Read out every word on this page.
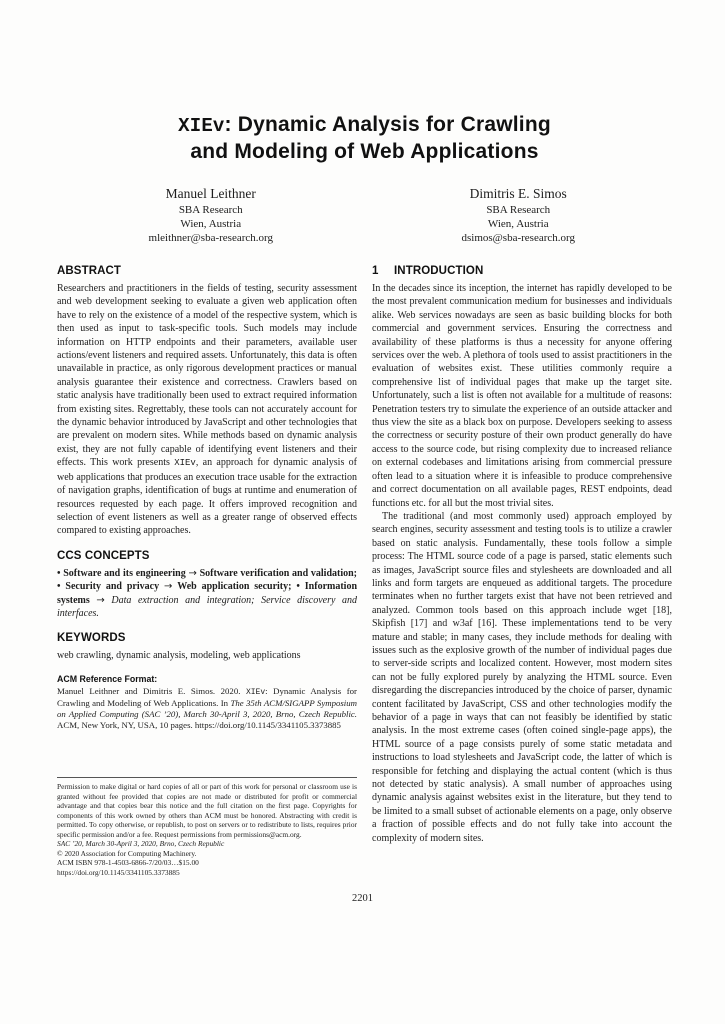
XIEv: Dynamic Analysis for Crawling
and Modeling of Web Applications
Manuel Leithner
SBA Research
Wien, Austria
mleithner@sba-research.org
Dimitris E. Simos
SBA Research
Wien, Austria
dsimos@sba-research.org
ABSTRACT

Researchers and practitioners in the fields of testing, security assessment and web development seeking to evaluate a given web application often have to rely on the existence of a model of the respective system, which is then used as input to task-specific tools. Such models may include information on HTTP endpoints and their parameters, available user actions/event listeners and required assets. Unfortunately, this data is often unavailable in practice, as only rigorous development practices or manual analysis guarantee their existence and correctness. Crawlers based on static analysis have traditionally been used to extract required information from existing sites. Regrettably, these tools can not accurately account for the dynamic behavior introduced by JavaScript and other technologies that are prevalent on modern sites. While methods based on dynamic analysis exist, they are not fully capable of identifying event listeners and their effects. This work presents XIEv, an approach for dynamic analysis of web applications that produces an execution trace usable for the extraction of navigation graphs, identification of bugs at runtime and enumeration of resources requested by each page. It offers improved recognition and selection of event listeners as well as a greater range of observed effects compared to existing approaches.

CCS CONCEPTS

• Software and its engineering → Software verification and validation; • Security and privacy → Web application security; • Information systems → Data extraction and integration; Service discovery and interfaces.

KEYWORDS

web crawling, dynamic analysis, modeling, web applications

ACM Reference Format:

Manuel Leithner and Dimitris E. Simos. 2020. XIEv: Dynamic Analysis for Crawling and Modeling of Web Applications. In The 35th ACM/SIGAPP Symposium on Applied Computing (SAC ’20), March 30-April 3, 2020, Brno, Czech Republic. ACM, New York, NY, USA, 10 pages. https://doi.org/10.1145/3341105.3373885

Permission to make digital or hard copies of all or part of this work for personal or classroom use is granted without fee provided that copies are not made or distributed for profit or commercial advantage and that copies bear this notice and the full citation on the first page. Copyrights for components of this work owned by others than ACM must be honored. Abstracting with credit is permitted. To copy otherwise, or republish, to post on servers or to redistribute to lists, requires prior specific permission and/or a fee. Request permissions from permissions@acm.org.

SAC ’20, March 30-April 3, 2020, Brno, Czech Republic

© 2020 Association for Computing Machinery.

ACM ISBN 978-1-4503-6866-7/20/03…$15.00

https://doi.org/10.1145/3341105.3373885

1 INTRODUCTION

In the decades since its inception, the internet has rapidly developed to be the most prevalent communication medium for businesses and individuals alike. Web services nowadays are seen as basic building blocks for both commercial and government services. Ensuring the correctness and availability of these platforms is thus a necessity for anyone offering services over the web. A plethora of tools used to assist practitioners in the evaluation of websites exist. These utilities commonly require a comprehensive list of individual pages that make up the target site. Unfortunately, such a list is often not available for a multitude of reasons: Penetration testers try to simulate the experience of an outside attacker and thus view the site as a black box on purpose. Developers seeking to assess the correctness or security posture of their own product generally do have access to the source code, but rising complexity due to increased reliance on external codebases and limitations arising from commercial pressure often lead to a situation where it is infeasible to produce comprehensive and correct documentation on all available pages, REST endpoints, dead functions etc. for all but the most trivial sites.

The traditional (and most commonly used) approach employed by search engines, security assessment and testing tools is to utilize a crawler based on static analysis. Fundamentally, these tools follow a simple process: The HTML source code of a page is parsed, static elements such as images, JavaScript source files and stylesheets are downloaded and all links and form targets are enqueued as additional targets. The procedure terminates when no further targets exist that have not been retrieved and analyzed. Common tools based on this approach include wget [18], Skipfish [17] and w3af [16]. These implementations tend to be very mature and stable; in many cases, they include methods for dealing with issues such as the explosive growth of the number of individual pages due to server-side scripts and localized content. However, most modern sites can not be fully explored purely by analyzing the HTML source. Even disregarding the discrepancies introduced by the choice of parser, dynamic content facilitated by JavaScript, CSS and other technologies modify the behavior of a page in ways that can not feasibly be identified by static analysis. In the most extreme cases (often coined single-page apps), the HTML source of a page consists purely of some static metadata and instructions to load stylesheets and JavaScript code, the latter of which is responsible for fetching and displaying the actual content (which is thus not detected by static analysis). A small number of approaches using dynamic analysis against websites exist in the literature, but they tend to be limited to a small subset of actionable elements on a page, only observe a fraction of possible effects and do not fully take into account the complexity of modern sites.

2201
